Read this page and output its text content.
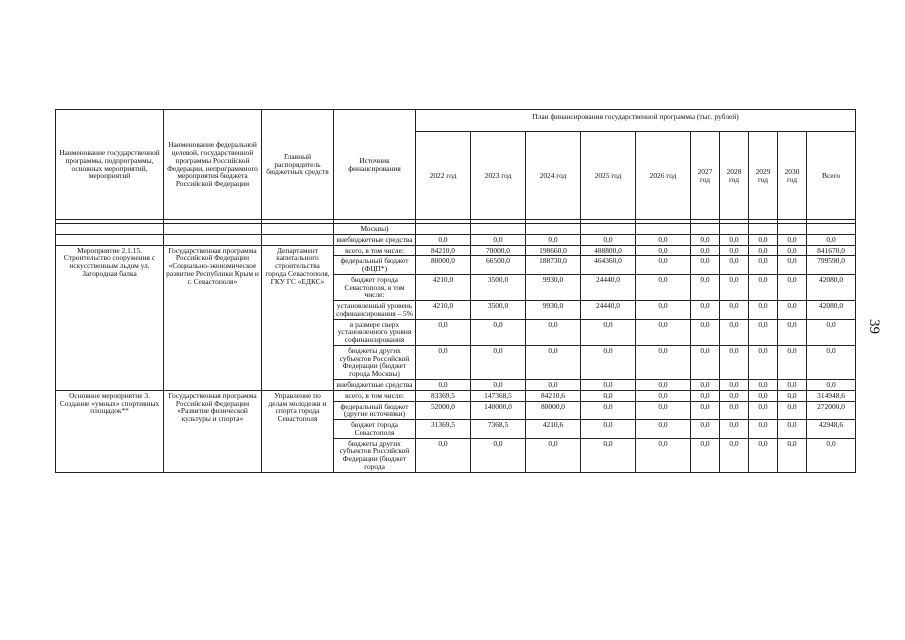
39
Наименование государственной программы, подпрограммы, основных мероприятий, мероприятий	Наименование федеральной целевой, государственной программы Российской Федерации, непрограммного мероприятия бюджета Российской Федерации	Главный распорядитель бюджетных средств	Источник финансирования	План финансирования государственной программы (тыс. рублей)									
				2022 год	2023 год	2024 год	2025 год	2026 год	2027 год	2028 год	2029 год	2030 год	Всего

			Москвы)										
			внебюджетные средства	0,0	0,0	0,0	0,0	0,0	0,0	0,0	0,0	0,0	0,0
Мероприятие 2.1.15. Строительство сооружения с искусственным льдом ул. Загородная балка	Государственная программа Российской Федерации «Социально-экономическое развитие Республики Крым и г. Севастополя»	Департамент капитального строительства города Севастополя, ГКУ ГС «ЕДКС»	всего, в том числе:	84210,0	70000,0	198660,0	488800,0	0,0	0,0	0,0	0,0	0,0	841670,0
			федеральный бюджет (ФЦП*)	80000,0	66500,0	188730,0	464360,0	0,0	0,0	0,0	0,0	0,0	799590,0
			бюджет города Севастополя, в том числе:	4210,0	3500,0	9930,0	24440,0	0,0	0,0	0,0	0,0	0,0	42080,0
			установленный уровень софинансирования – 5%	4210,0	3500,0	9930,0	24440,0	0,0	0,0	0,0	0,0	0,0	42080,0
			в размере сверх установленного уровня софинансирования	0,0	0,0	0,0	0,0	0,0	0,0	0,0	0,0	0,0	0,0
			бюджеты других субъектов Российской Федерации (бюджет города Москвы)	0,0	0,0	0,0	0,0	0,0	0,0	0,0	0,0	0,0	0,0
			внебюджетные средства	0,0	0,0	0,0	0,0	0,0	0,0	0,0	0,0	0,0	0,0
Основное мероприятие 3. Создание «умных» спортивных площадок**	Государственная программа Российской Федерации «Развитие физической культуры и спорта»	Управление по делам молодежи и спорта города Севастополя	всего, в том числе:	83369,5	147368,5	84210,6	0,0	0,0	0,0	0,0	0,0	0,0	314948,6
			федеральный бюджет (другие источники)	52000,0	140000,0	80000,0	0,0	0,0	0,0	0,0	0,0	0,0	272000,0
			бюджет города Севастополя	31369,5	7368,5	4210,6	0,0	0,0	0,0	0,0	0,0	0,0	42948,6
			бюджеты других субъектов Российской Федерации (бюджет города	0,0	0,0	0,0	0,0	0,0	0,0	0,0	0,0	0,0	0,0
